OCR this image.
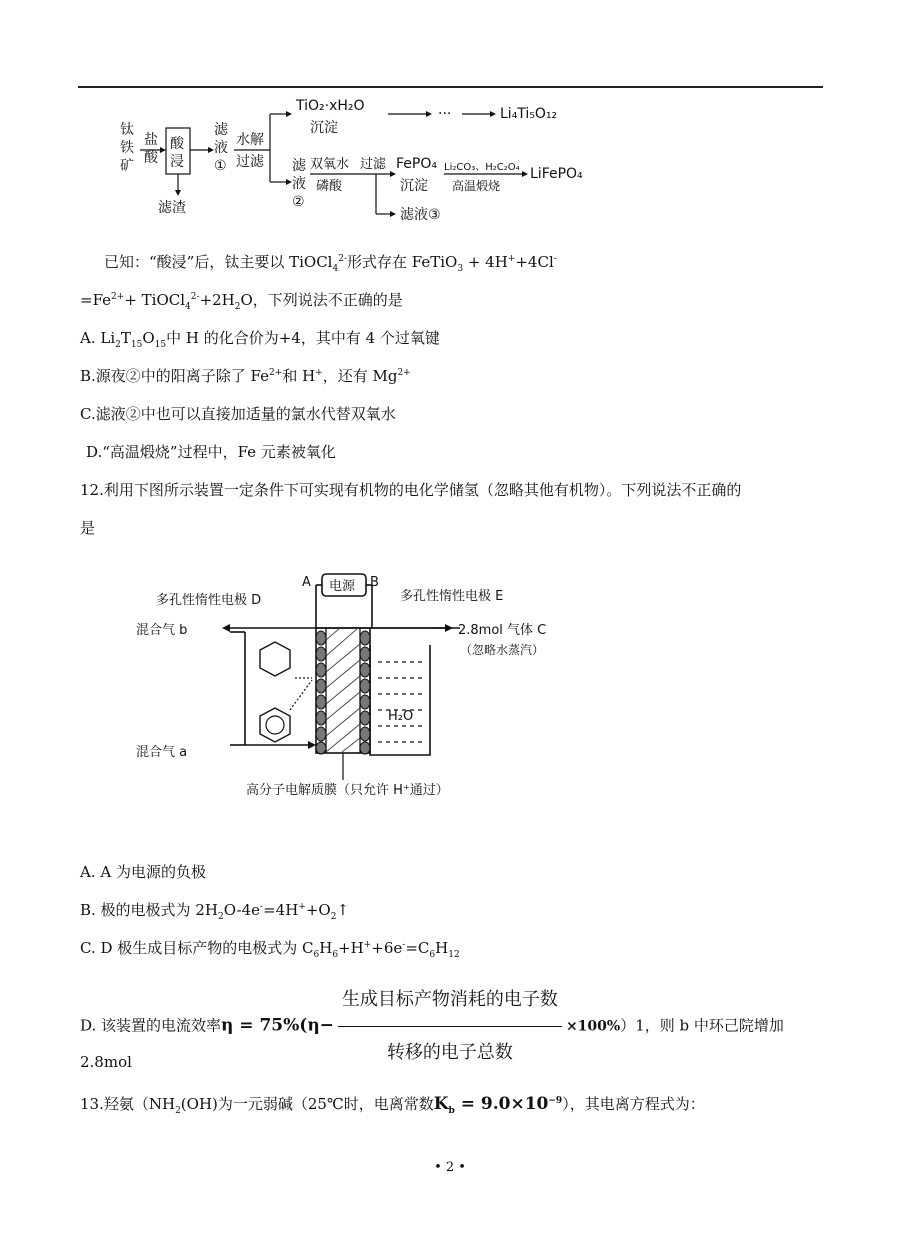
钛
铁
矿
盐
酸
酸
浸
滤渣
滤
液
①
水解
过滤
TiO₂·xH₂O
沉淀
···	Li₄Ti₅O₁₂
滤
液
②
双氧水
磷酸
过滤
滤液③
FePO₄
沉淀
Li₂CO₃、H₂C₂O₄
高温煅烧
LiFePO₄
已知：“酸浸”后，钛主要以 TiOCl$_4^{2-}$形式存在 FeTiO$_3$ + 4H++4Cl-
$=Fe^{2+}+$ $TiOCl_4^{2-}+2H_2O$，下列说法不正确的是
A. $Li_2T_{15}O_{15}$中 H 的化合价为+4，其中有 4 个过氧键
B.源夜②中的阳离子除了 $Fe^{2+}$和 H+，还有 $Mg^{2+}$
C.滤液②中也可以直接加适量的氯水代替双氧水
D.“高温煅烧”过程中，Fe 元素被氧化
12.利用下图所示装置一定条件下可实现有机物的电化学储氢（忽略其他有机物）。下列说法不正确的
是
A	B
电源
多孔性惰性电极 D	多孔性惰性电极 E
混合气 b
混合气 a
2.8mol 气体 C
（忽略水蒸汽）
H₂O
高分子电解质膜（只允许 H⁺通过）
A. A 为电源的负极
B. 极的电极式为 $2H_2O-4e^-=4H^++O_2↑$
C. D 极生成目标产物的电极式为 $C_6H_6+H^++6e^-=C_6H_{12}$
D. 该装置的电流效率$\eta = 75\%(\eta- \frac{\text{生成目标产物消耗的电子数}}{\text{转移的电子总数}} \times 100\%)1$，则 b 中环己院增加
2.8mol
13.羟氨（$NH_2(OH)$为一元弱碱（25℃时，电离常数$K_b = 9.0\times 10^{-9}$），其电离方程式为：
• 2 •
